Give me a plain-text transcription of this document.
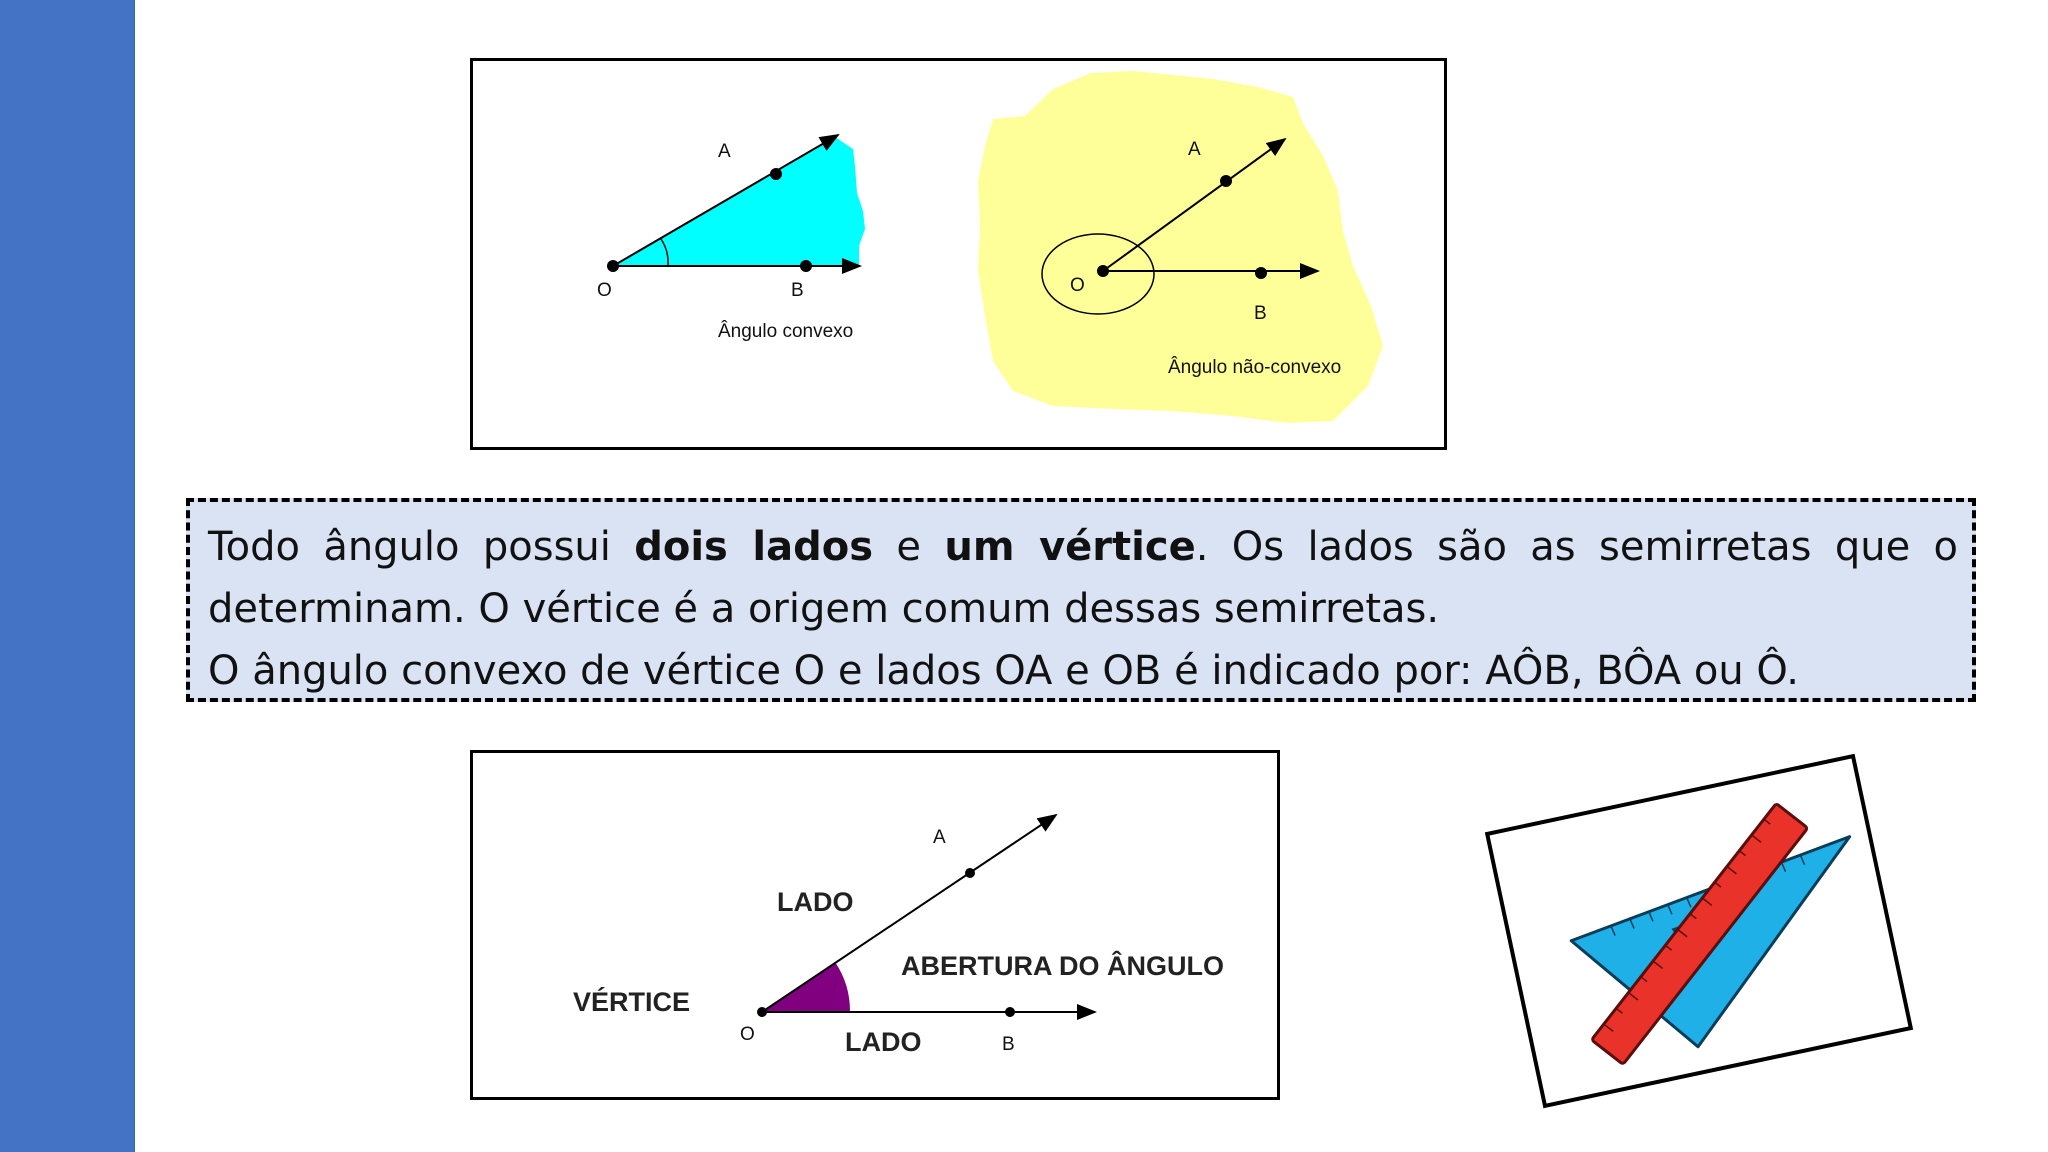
A
O	B
Ângulo convexo
A
O
B
Ângulo não-convexo

Todo ângulo possui dois lados e um vértice. Os lados são as semirretas que o determinam. O vértice é a origem comum dessas semirretas.

O ângulo convexo de vértice O e lados OA e OB é indicado por: AÔB, BÔA ou Ô.

A
O	B
LADO
LADO
VÉRTICE
ABERTURA DO ÂNGULO
